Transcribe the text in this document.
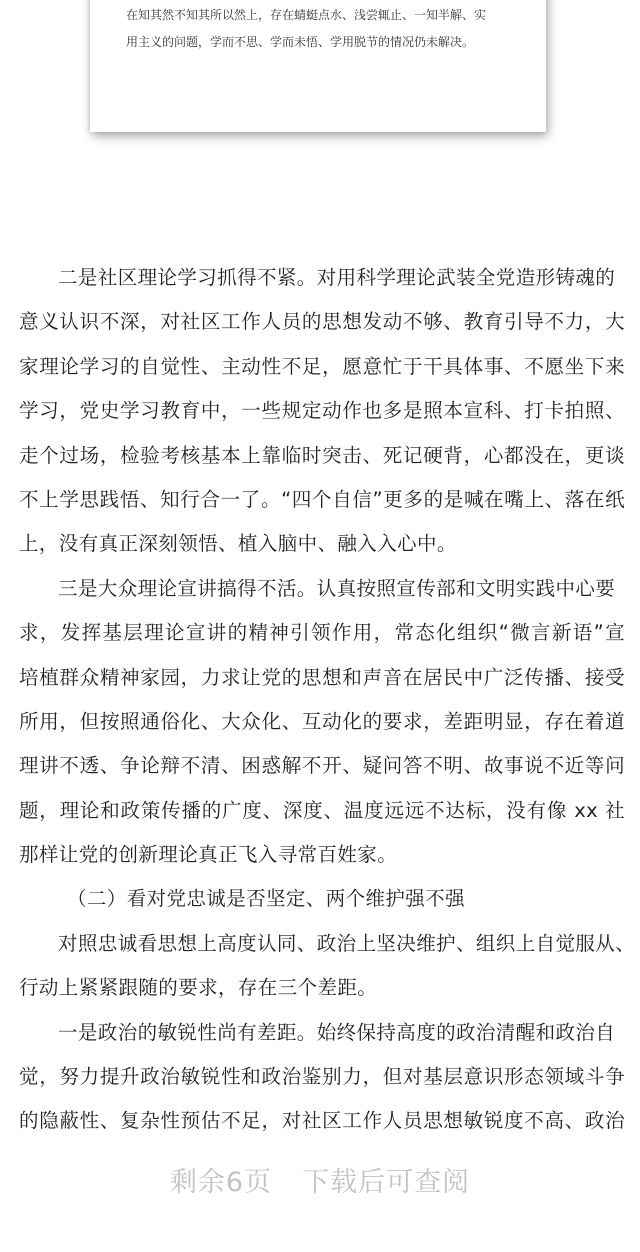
在知其然不知其所以然上，存在蜻蜓点水、浅尝辄止、一知半解、实

用主义的问题，学而不思、学而未悟、学用脱节的情况仍未解决。

二是社区理论学习抓得不紧。对用科学理论武装全党造形铸魂的

意义认识不深，对社区工作人员的思想发动不够、教育引导不力，大

家理论学习的自觉性、主动性不足，愿意忙于干具体事、不愿坐下来

学习，党史学习教育中，一些规定动作也多是照本宣科、打卡拍照、

走个过场，检验考核基本上靠临时突击、死记硬背，心都没在，更谈

不上学思践悟、知行合一了。“四个自信”更多的是喊在嘴上、落在纸

上，没有真正深刻领悟、植入脑中、融入入心中。

三是大众理论宣讲搞得不活。认真按照宣传部和文明实践中心要

求，发挥基层理论宣讲的精神引领作用，常态化组织“微言新语”宣

培植群众精神家园，力求让党的思想和声音在居民中广泛传播、接受

所用，但按照通俗化、大众化、互动化的要求，差距明显，存在着道

理讲不透、争论辩不清、困惑解不开、疑问答不明、故事说不近等问

题，理论和政策传播的广度、深度、温度远远不达标，没有像 xx 社

那样让党的创新理论真正飞入寻常百姓家。

（二）看对党忠诚是否坚定、两个维护强不强

对照忠诚看思想上高度认同、政治上坚决维护、组织上自觉服从、

行动上紧紧跟随的要求，存在三个差距。

一是政治的敏锐性尚有差距。始终保持高度的政治清醒和政治自

觉，努力提升政治敏锐性和政治鉴别力，但对基层意识形态领域斗争

的隐蔽性、复杂性预估不足，对社区工作人员思想敏锐度不高、政治

剩余6页 下载后可查阅
